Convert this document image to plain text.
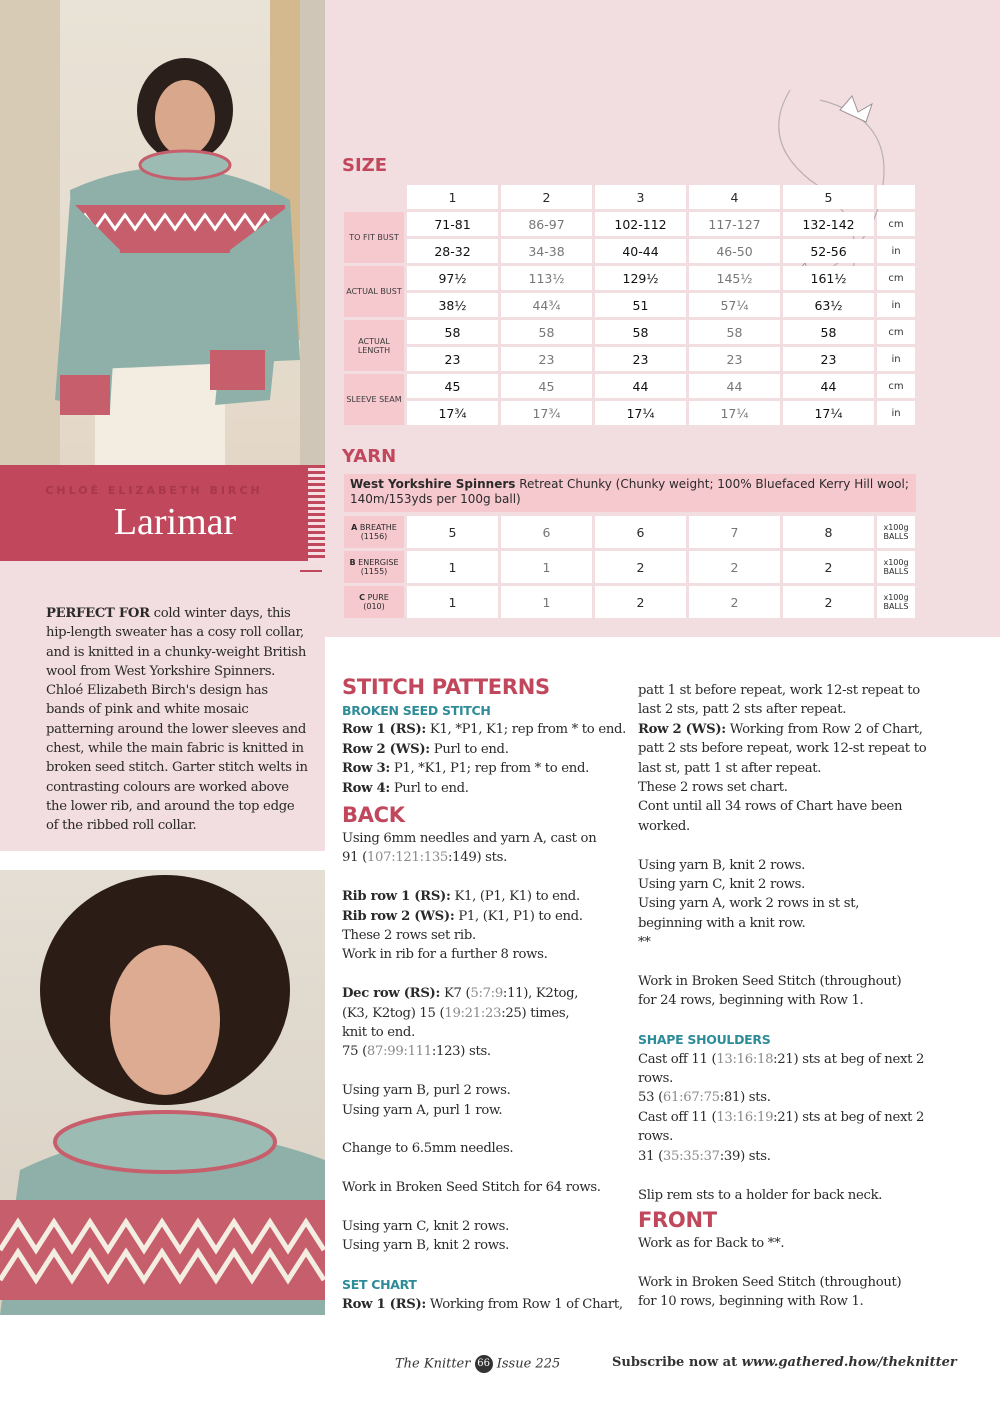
CHLOÉ ELIZABETH BIRCH
Larimar
PERFECT FOR cold winter days, this hip-length sweater has a cosy roll collar, and is knitted in a chunky-weight British wool from West Yorkshire Spinners. Chloé Elizabeth Birch's design has bands of pink and white mosaic patterning around the lower sleeves and chest, while the main fabric is knitted in broken seed stitch. Garter stitch welts in contrasting colours are worked above the lower rib, and around the top edge of the ribbed roll collar.
SIZE
	1	2	3	4	5	
TO FIT BUST	71-81	86-97	102-112	117-127	132-142	cm
	28-32	34-38	40-44	46-50	52-56	in
ACTUAL BUST	97½	113½	129½	145½	161½	cm
	38½	44¾	51	57¼	63½	in
ACTUAL LENGTH	58	58	58	58	58	cm
	23	23	23	23	23	in
SLEEVE SEAM	45	45	44	44	44	cm
	17¾	17¾	17¼	17¼	17¼	in
YARN
West Yorkshire Spinners Retreat Chunky (Chunky weight; 100% Bluefaced Kerry Hill wool; 140m/153yds per 100g ball)
A BREATHE
(1156)	5	6	6	7	8	x100g
BALLS
B ENERGISE
(1155)	1	1	2	2	2	x100g
BALLS
C PURE
(010)	1	1	2	2	2	x100g
BALLS
STITCH PATTERNS
BROKEN SEED STITCH

Row 1 (RS): K1, *P1, K1; rep from * to end.

Row 2 (WS): Purl to end.

Row 3: P1, *K1, P1; rep from * to end.

Row 4: Purl to end.

BACK

Using 6mm needles and yarn A, cast on

91 (107:121:135:149) sts.

Rib row 1 (RS): K1, (P1, K1) to end.

Rib row 2 (WS): P1, (K1, P1) to end.

These 2 rows set rib.

Work in rib for a further 8 rows.

Dec row (RS): K7 (5:7:9:11), K2tog,

(K3, K2tog) 15 (19:21:23:25) times,

knit to end.

75 (87:99:111:123) sts.

Using yarn B, purl 2 rows.

Using yarn A, purl 1 row.

Change to 6.5mm needles.

Work in Broken Seed Stitch for 64 rows.

Using yarn C, knit 2 rows.

Using yarn B, knit 2 rows.

SET CHART

Row 1 (RS): Working from Row 1 of Chart,

patt 1 st before repeat, work 12-st repeat to

last 2 sts, patt 2 sts after repeat.

Row 2 (WS): Working from Row 2 of Chart,

patt 2 sts before repeat, work 12-st repeat to

last st, patt 1 st after repeat.

These 2 rows set chart.

Cont until all 34 rows of Chart have been

worked.

Using yarn B, knit 2 rows.

Using yarn C, knit 2 rows.

Using yarn A, work 2 rows in st st,

beginning with a knit row.

**

Work in Broken Seed Stitch (throughout)

for 24 rows, beginning with Row 1.

SHAPE SHOULDERS

Cast off 11 (13:16:18:21) sts at beg of next 2

rows.

53 (61:67:75:81) sts.

Cast off 11 (13:16:19:21) sts at beg of next 2

rows.

31 (35:35:37:39) sts.

Slip rem sts to a holder for back neck.

FRONT

Work as for Back to **.

Work in Broken Seed Stitch (throughout)

for 10 rows, beginning with Row 1.

The Knitter 66 Issue 225	Subscribe now at www.gathered.how/theknitter
